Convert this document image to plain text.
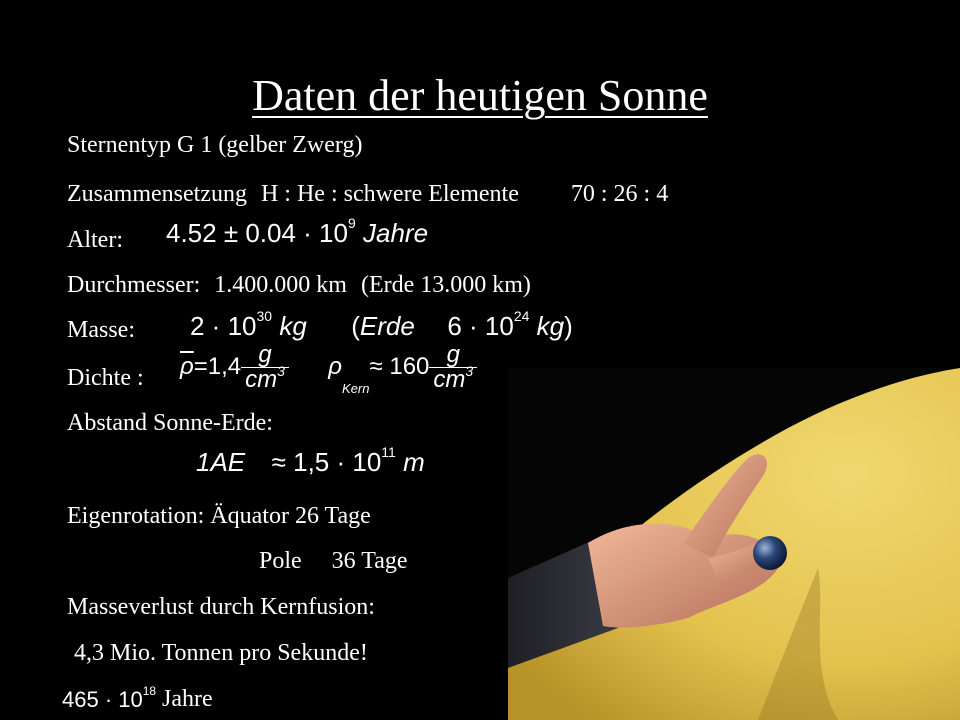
Daten der heutigen Sonne
Sternentyp G 1 (gelber Zwerg)
Zusammensetzung H : He : schwere Elemente 70 : 26 : 4
Alter: $4.52 \pm 0.04 \cdot 10^9$ Jahre
Durchmesser: 1.400.000 km (Erde 13.000 km)
Masse: $2 \cdot 10^{30}$ kg (Erde $6 \cdot 10^{24}$ kg)
Dichte : $\overline{\rho}=1,4 \frac{g}{cm^3} \rho_{Kern}\approx 160 \frac{g}{cm^3}$
Abstand Sonne-Erde:
$1AE \approx 1,5 \cdot 10^{11}$ m
Eigenrotation: Äquator 26 Tage
Pole 36 Tage
Masseverlust durch Kernfusion:
4,3 Mio. Tonnen pro Sekunde!
$465 \cdot 10^{18}$ Jahre
